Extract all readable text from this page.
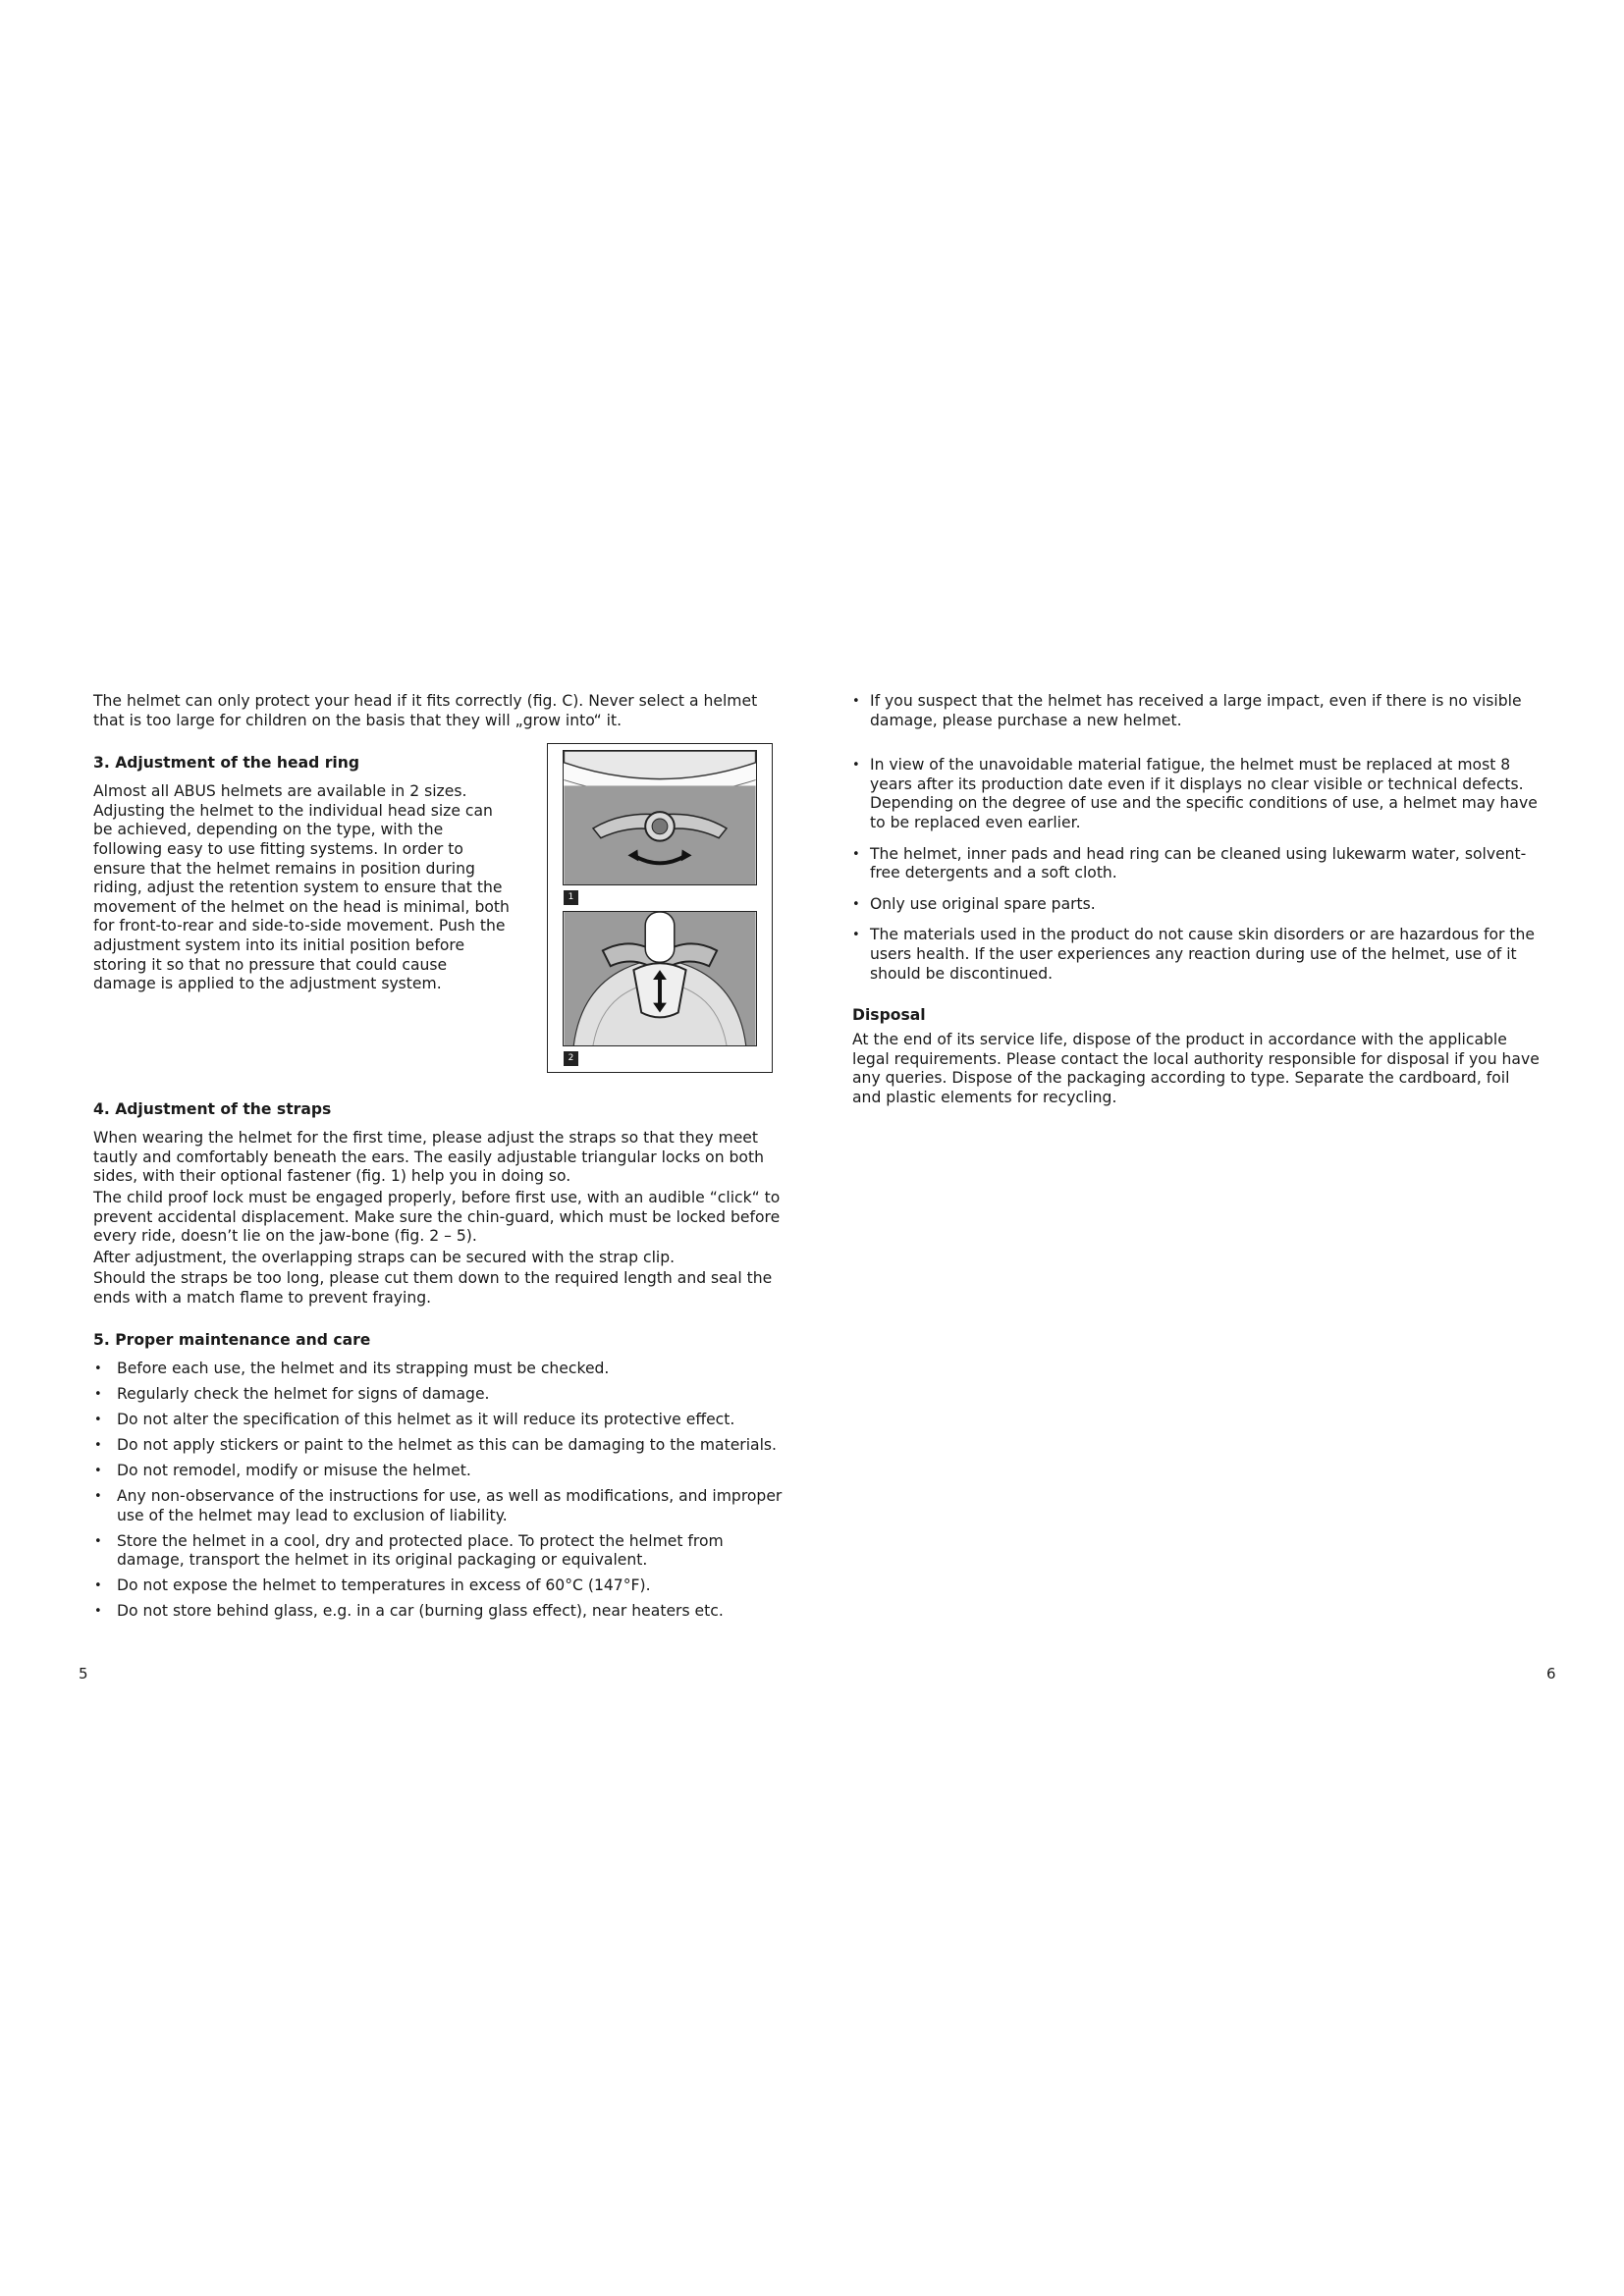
The helmet can only protect your head if it fits correctly (fig. C). Never select a helmet that is too large for children on the basis that they will „grow into“ it.

3. Adjustment of the head ring

Almost all ABUS helmets are available in 2 sizes. Adjusting the helmet to the individual head size can be achieved, depending on the type, with the following easy to use fitting systems. In order to ensure that the helmet remains in position during riding, adjust the retention system to ensure that the movement of the helmet on the head is minimal, both for front-to-rear and side-to-side movement. Push the adjustment system into its initial position before storing it so that no pressure that could cause damage is applied to the adjustment system.

1
2
4. Adjustment of the straps

When wearing the helmet for the first time, please adjust the straps so that they meet tautly and comfortably beneath the ears. The easily adjustable triangular locks on both sides, with their optional fastener (fig. 1) help you in doing so.

The child proof lock must be engaged properly, before first use, with an audible “click“ to prevent accidental displacement. Make sure the chin-guard, which must be locked before every ride, doesn’t lie on the jaw-bone (fig. 2 – 5).

After adjustment, the overlapping straps can be secured with the strap clip.

Should the straps be too long, please cut them down to the required length and seal the ends with a match flame to prevent fraying.

5. Proper maintenance and care
• Before each use, the helmet and its strapping must be checked.
• Regularly check the helmet for signs of damage.
• Do not alter the specification of this helmet as it will reduce its protective effect.
• Do not apply stickers or paint to the helmet as this can be damaging to the materials.
• Do not remodel, modify or misuse the helmet.
• Any non-observance of the instructions for use, as well as modifications, and improper use of the helmet may lead to exclusion of liability.
• Store the helmet in a cool, dry and protected place. To protect the helmet from damage, transport the helmet in its original packaging or equivalent.
• Do not expose the helmet to temperatures in excess of 60°C (147°F).
• Do not store behind glass, e.g. in a car (burning glass effect), near heaters etc.
• If you suspect that the helmet has received a large impact, even if there is no visible damage, please purchase a new helmet.
• In view of the unavoidable material fatigue, the helmet must be replaced at most 8 years after its production date even if it displays no clear visible or technical defects. Depending on the degree of use and the specific conditions of use, a helmet may have to be replaced even earlier.
• The helmet, inner pads and head ring can be cleaned using lukewarm water, solvent-free detergents and a soft cloth.
• Only use original spare parts.
• The materials used in the product do not cause skin disorders or are hazardous for the users health. If the user experiences any reaction during use of the helmet, use of it should be discontinued.
Disposal

At the end of its service life, dispose of the product in accordance with the applicable legal requirements. Please contact the local authority responsible for disposal if you have any queries. Dispose of the packaging according to type. Separate the cardboard, foil and plastic elements for recycling.

5	6
